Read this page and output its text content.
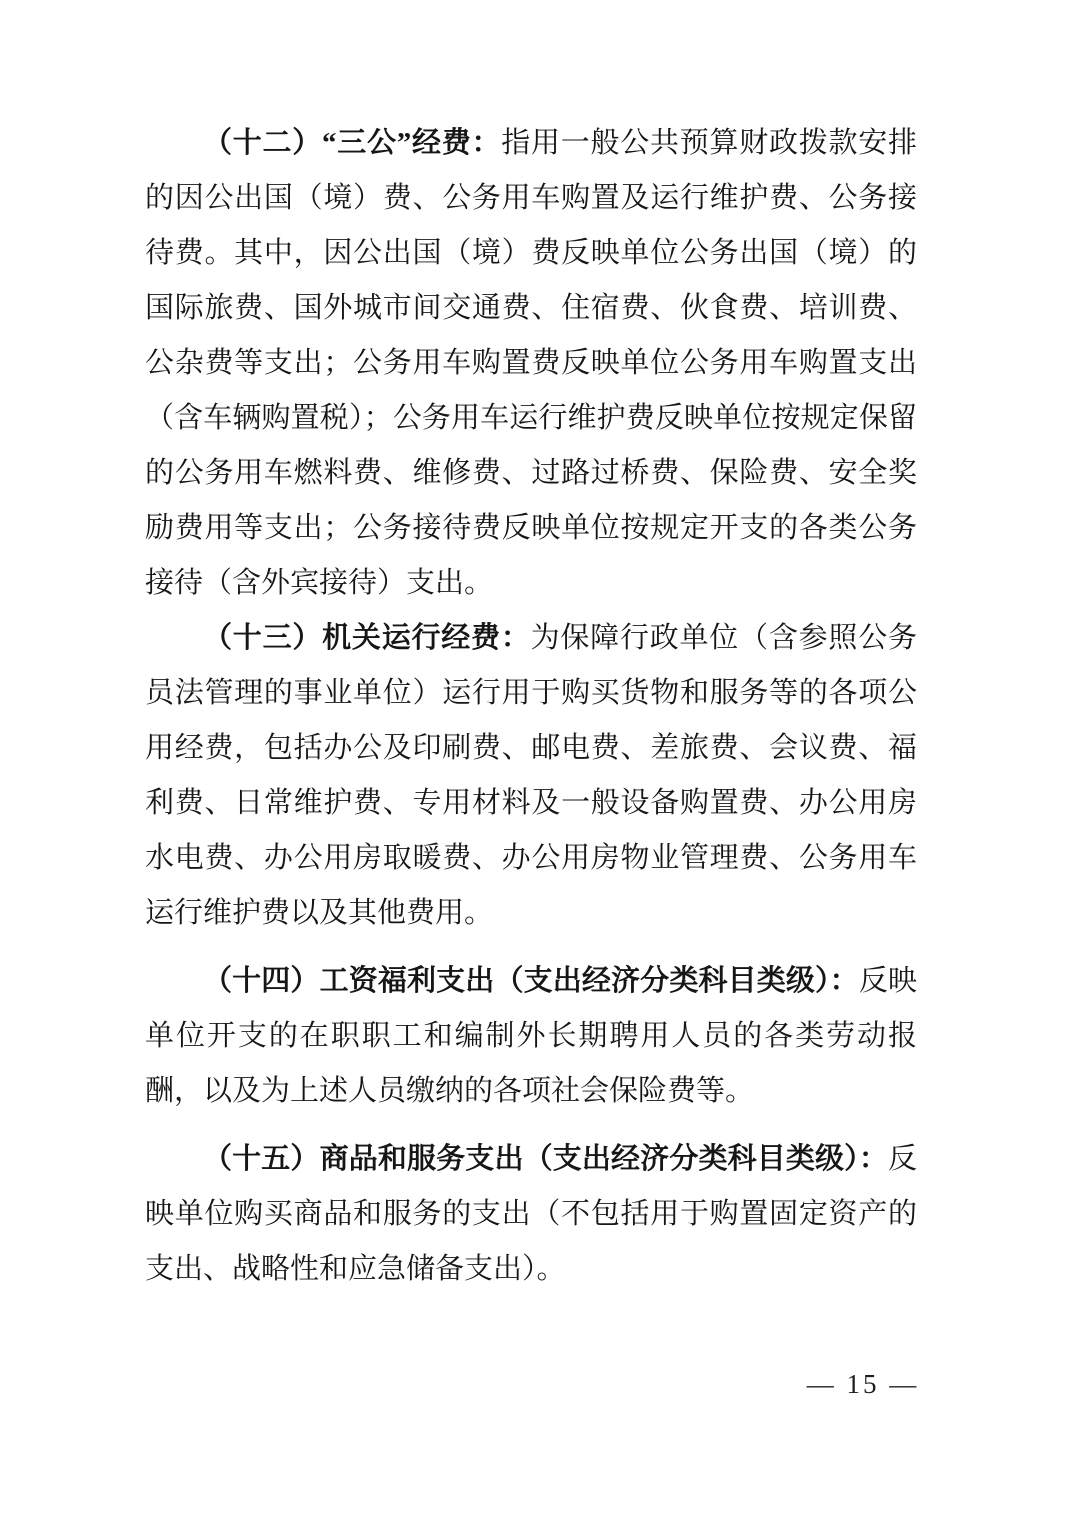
（十二）“三公”经费：指用一般公共预算财政拨款安排的因公出国（境）费、公务用车购置及运行维护费、公务接待费。其中，因公出国（境）费反映单位公务出国（境）的国际旅费、国外城市间交通费、住宿费、伙食费、培训费、公杂费等支出；公务用车购置费反映单位公务用车购置支出（含车辆购置税）；公务用车运行维护费反映单位按规定保留的公务用车燃料费、维修费、过路过桥费、保险费、安全奖励费用等支出；公务接待费反映单位按规定开支的各类公务接待（含外宾接待）支出。

（十三）机关运行经费：为保障行政单位（含参照公务员法管理的事业单位）运行用于购买货物和服务等的各项公用经费，包括办公及印刷费、邮电费、差旅费、会议费、福利费、日常维护费、专用材料及一般设备购置费、办公用房水电费、办公用房取暖费、办公用房物业管理费、公务用车运行维护费以及其他费用。

（十四）工资福利支出（支出经济分类科目类级）：反映单位开支的在职职工和编制外长期聘用人员的各类劳动报酬，以及为上述人员缴纳的各项社会保险费等。

（十五）商品和服务支出（支出经济分类科目类级）：反映单位购买商品和服务的支出（不包括用于购置固定资产的支出、战略性和应急储备支出）。

— 15 —
